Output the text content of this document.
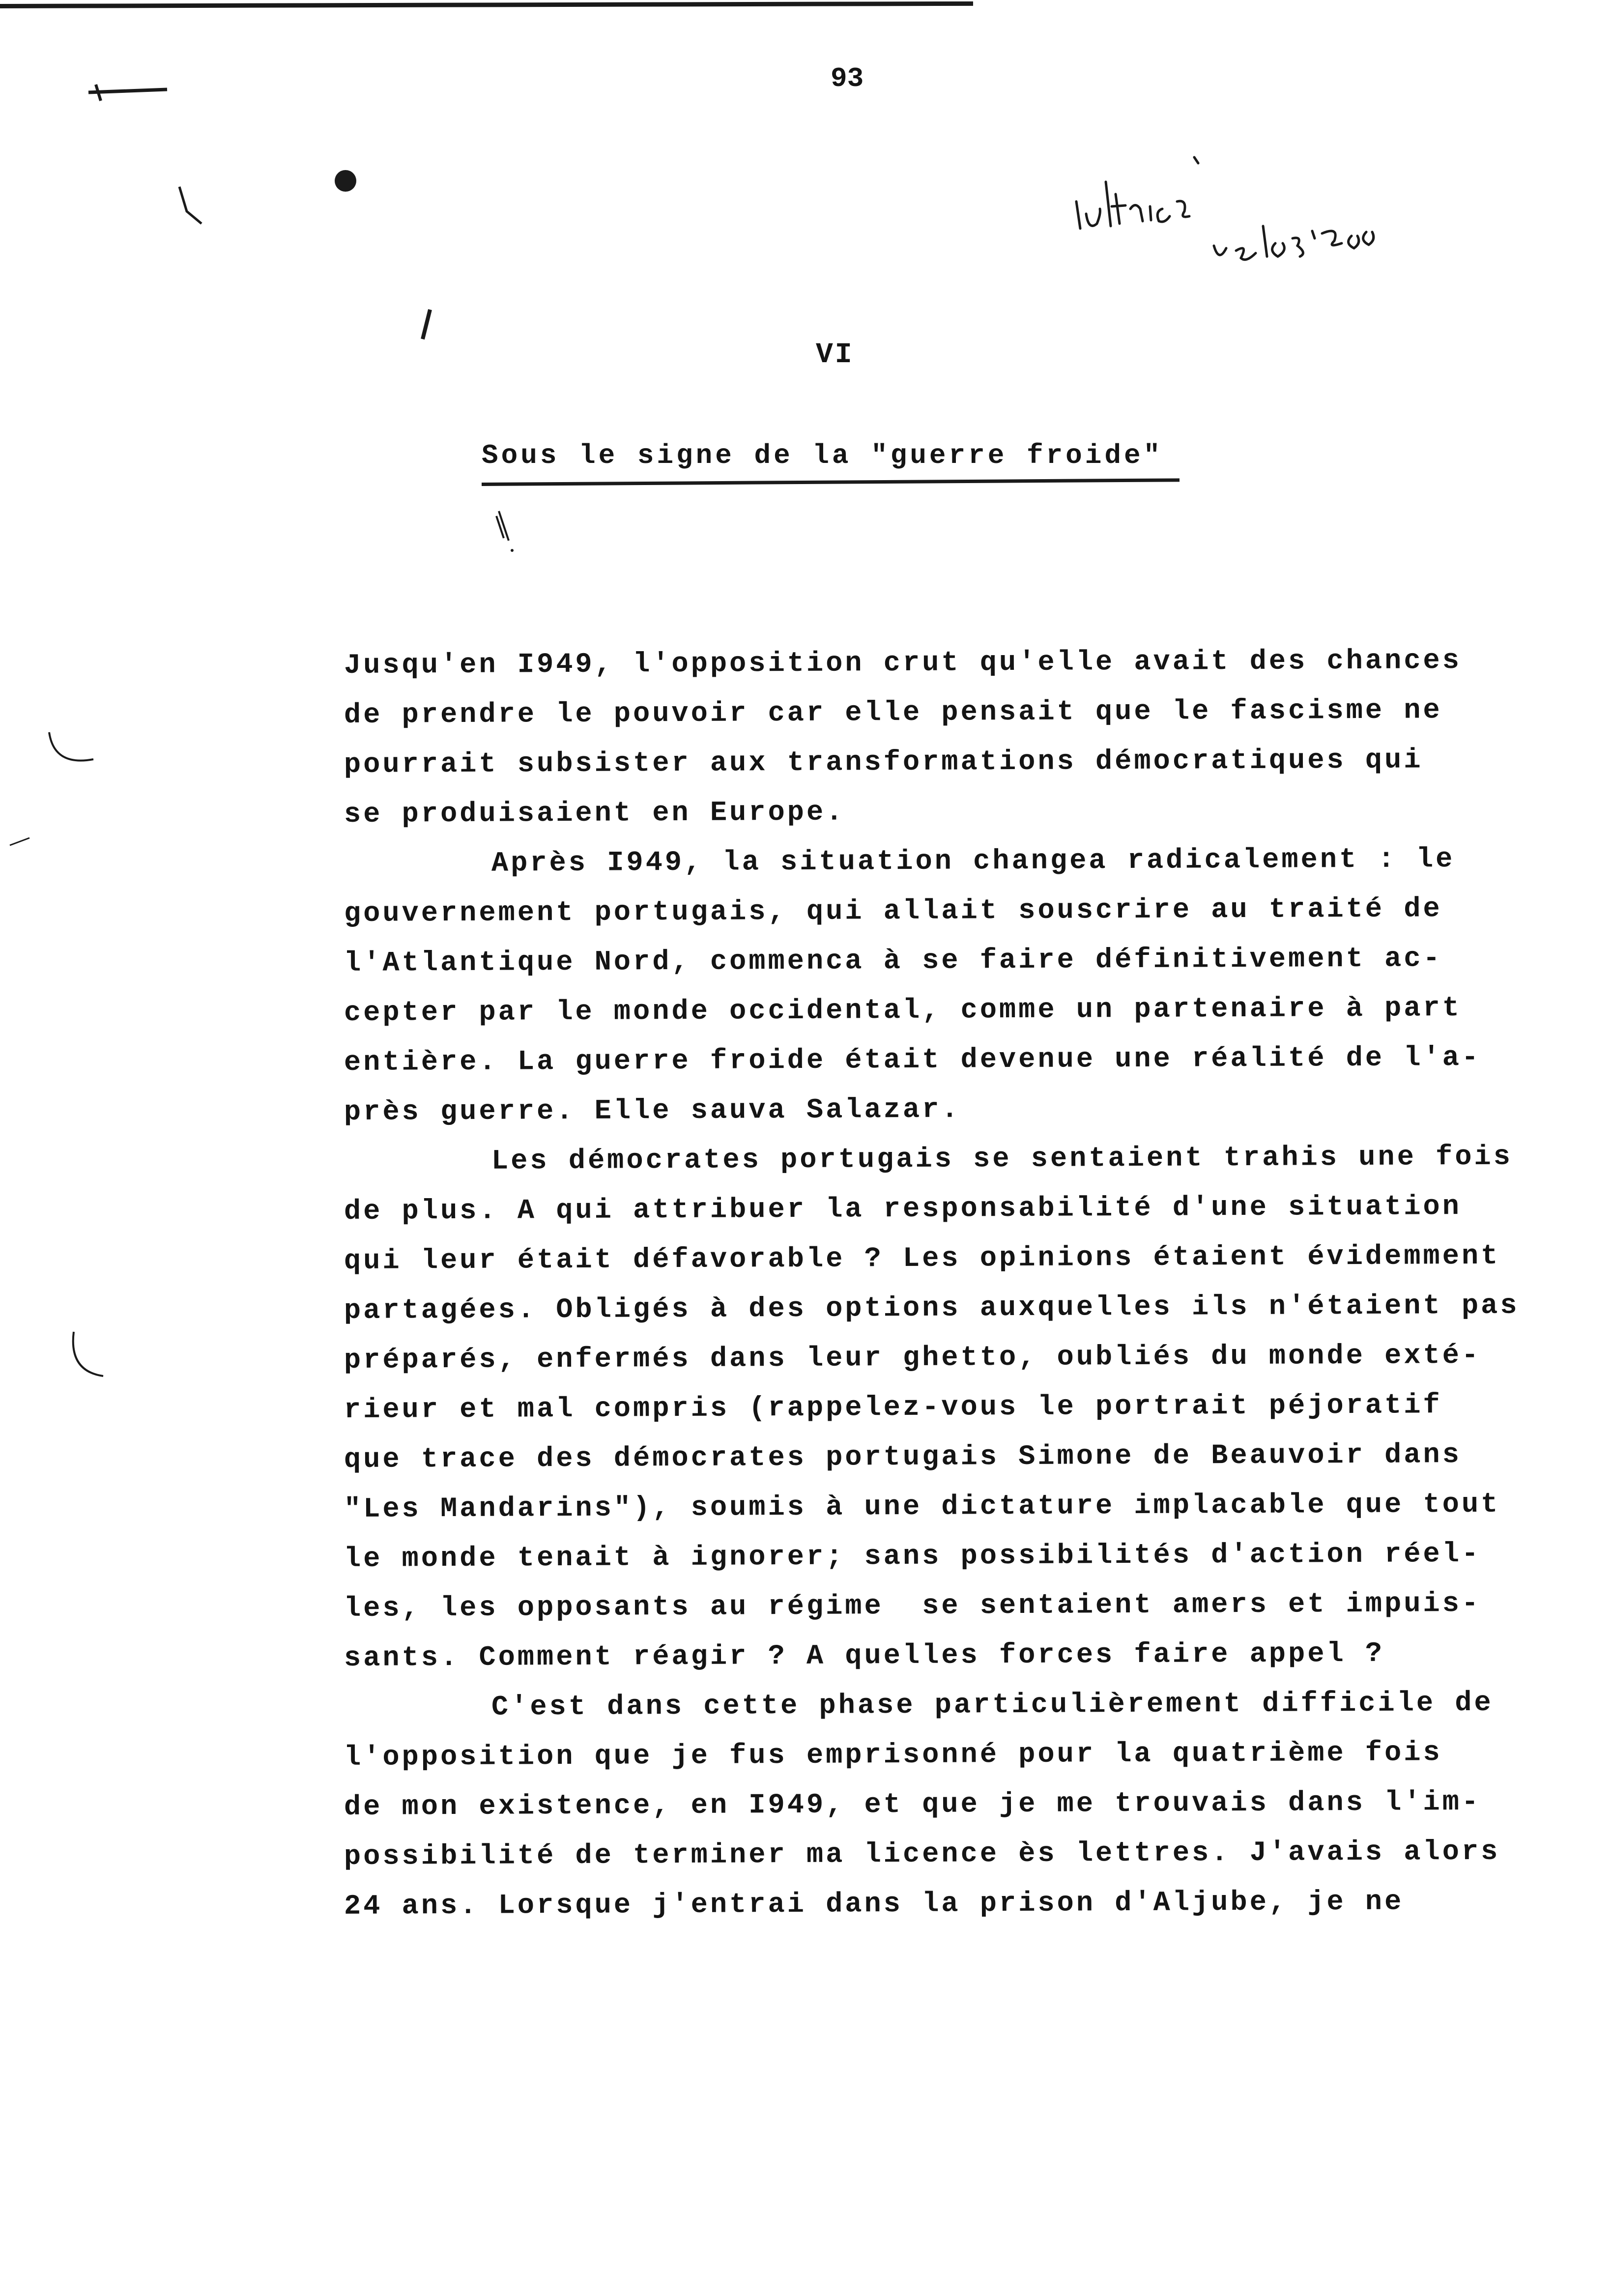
93
VI
Sous le signe de la "guerre froide"
Jusqu'en I949, l'opposition crut qu'elle avait des chances
de prendre le pouvoir car elle pensait que le fascisme ne
pourrait subsister aux transformations démocratiques qui
se produisaient en Europe.
Après I949, la situation changea radicalement : le
gouvernement portugais, qui allait souscrire au traité de
l'Atlantique Nord, commenca à se faire définitivement ac-
cepter par le monde occidental, comme un partenaire à part
entière. La guerre froide était devenue une réalité de l'a-
près guerre. Elle sauva Salazar.
Les démocrates portugais se sentaient trahis une fois
de plus. A qui attribuer la responsabilité d'une situation
qui leur était défavorable ? Les opinions étaient évidemment
partagées. Obligés à des options auxquelles ils n'étaient pas
préparés, enfermés dans leur ghetto, oubliés du monde exté-
rieur et mal compris (rappelez-vous le portrait péjoratif
que trace des démocrates portugais Simone de Beauvoir dans
"Les Mandarins"), soumis à une dictature implacable que tout
le monde tenait à ignorer; sans possibilités d'action réel-
les, les opposants au régime  se sentaient amers et impuis-
sants. Comment réagir ? A quelles forces faire appel ?
C'est dans cette phase particulièrement difficile de
l'opposition que je fus emprisonné pour la quatrième fois
de mon existence, en I949, et que je me trouvais dans l'im-
possibilité de terminer ma licence ès lettres. J'avais alors
24 ans. Lorsque j'entrai dans la prison d'Aljube, je ne
